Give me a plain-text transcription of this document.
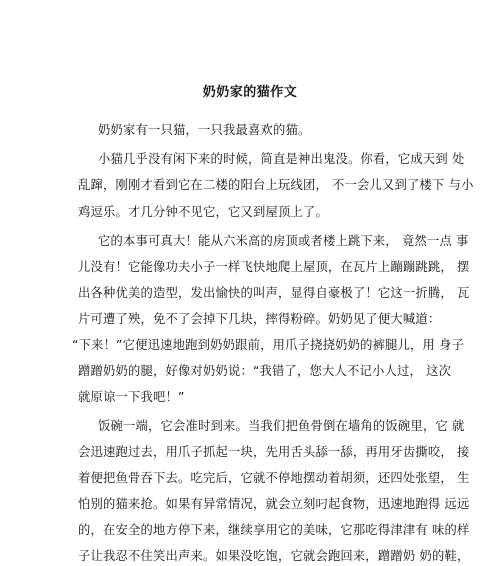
奶奶家的猫作文
奶奶家有一只猫，一只我最喜欢的猫。
小猫几乎没有闲下来的时候，简直是神出鬼没。你看，它成天到 处
乱蹿，刚刚才看到它在二楼的阳台上玩线团， 不一会儿又到了楼下 与小
鸡逗乐。才几分钟不见它，它又到屋顶上了。
它的本事可真大！能从六米高的房顶或者楼上跳下来， 竟然一点 事
儿没有！它能像功夫小子一样飞快地爬上屋顶，在瓦片上蹦蹦跳跳， 摆
出各种优美的造型，发出愉快的叫声，显得自豪极了！它这一折腾， 瓦
片可遭了殃，免不了会掉下几块，摔得粉碎。奶奶见了便大喊道：
“下来！”它便迅速地跑到奶奶跟前，用爪子挠挠奶奶的裤腿儿，用 身子
蹭蹭奶奶的腿，好像对奶奶说：“我错了，您大人不记小人过， 这次
就原谅一下我吧！”
饭碗一端，它会准时到来。当我们把鱼骨倒在墙角的饭碗里，它 就
会迅速跑过去，用爪子抓起一块，先用舌头舔一舔，再用牙齿撕咬， 接
着便把鱼骨吞下去。吃完后，它就不停地摆动着胡须，还四处张望， 生
怕别的猫来抢。如果有异常情况，就会立刻叼起食物，迅速地跑得 远远
的，在安全的地方停下来，继续享用它的美味，它那吃得津津有 味的样
子让我忍不住笑出声来。如果没吃饱，它就会跑回来，蹭蹭奶 奶的鞋，
